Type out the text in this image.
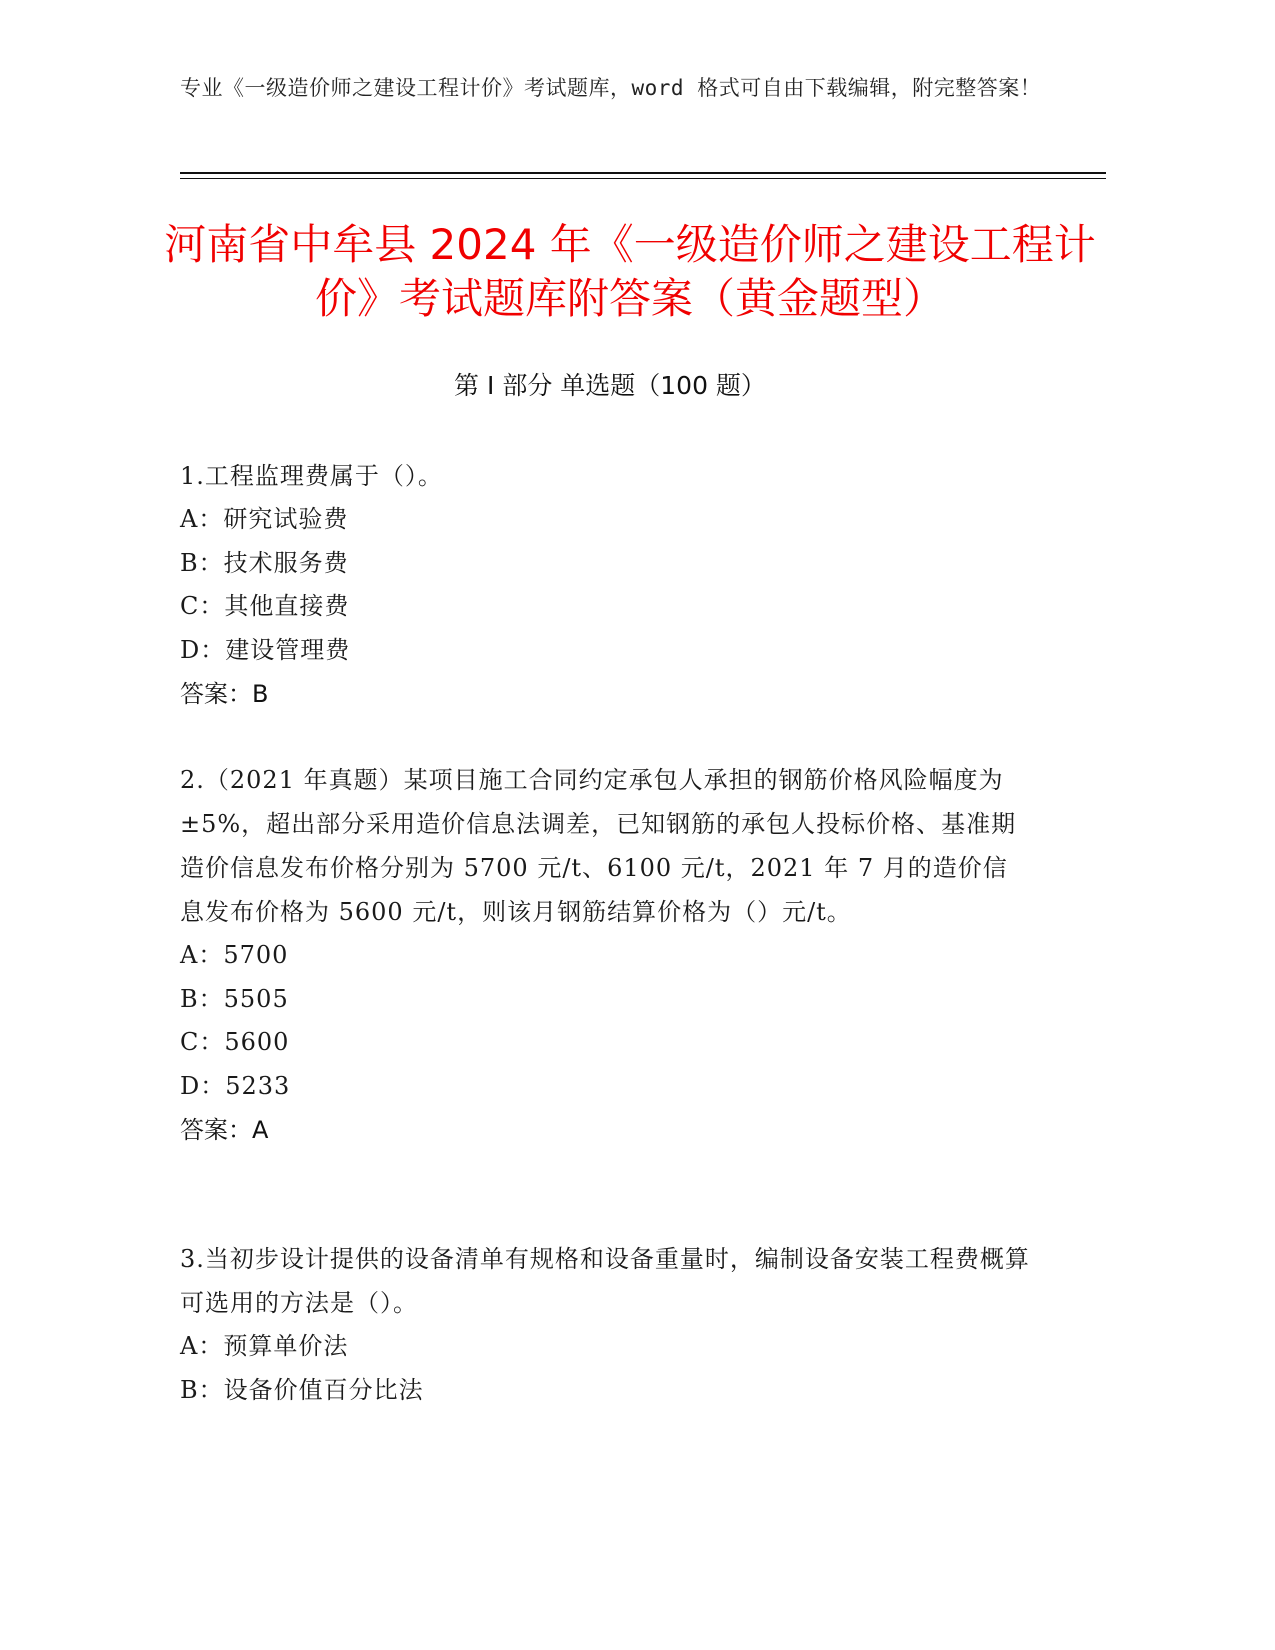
专业《一级造价师之建设工程计价》考试题库，word 格式可自由下载编辑，附完整答案！
河南省中牟县 2024 年《一级造价师之建设工程计价》考试题库附答案（黄金题型）
第 I 部分 单选题（100 题）
1.工程监理费属于（）。
A：研究试验费
B：技术服务费
C：其他直接费
D：建设管理费
答案：B
2.（2021 年真题）某项目施工合同约定承包人承担的钢筋价格风险幅度为±5%，超出部分采用造价信息法调差，已知钢筋的承包人投标价格、基准期造价信息发布价格分别为 5700 元/t、6100 元/t，2021 年 7 月的造价信息发布价格为 5600 元/t，则该月钢筋结算价格为（）元/t。
A：5700
B：5505
C：5600
D：5233
答案：A
3.当初步设计提供的设备清单有规格和设备重量时，编制设备安装工程费概算可选用的方法是（）。
A：预算单价法
B：设备价值百分比法
